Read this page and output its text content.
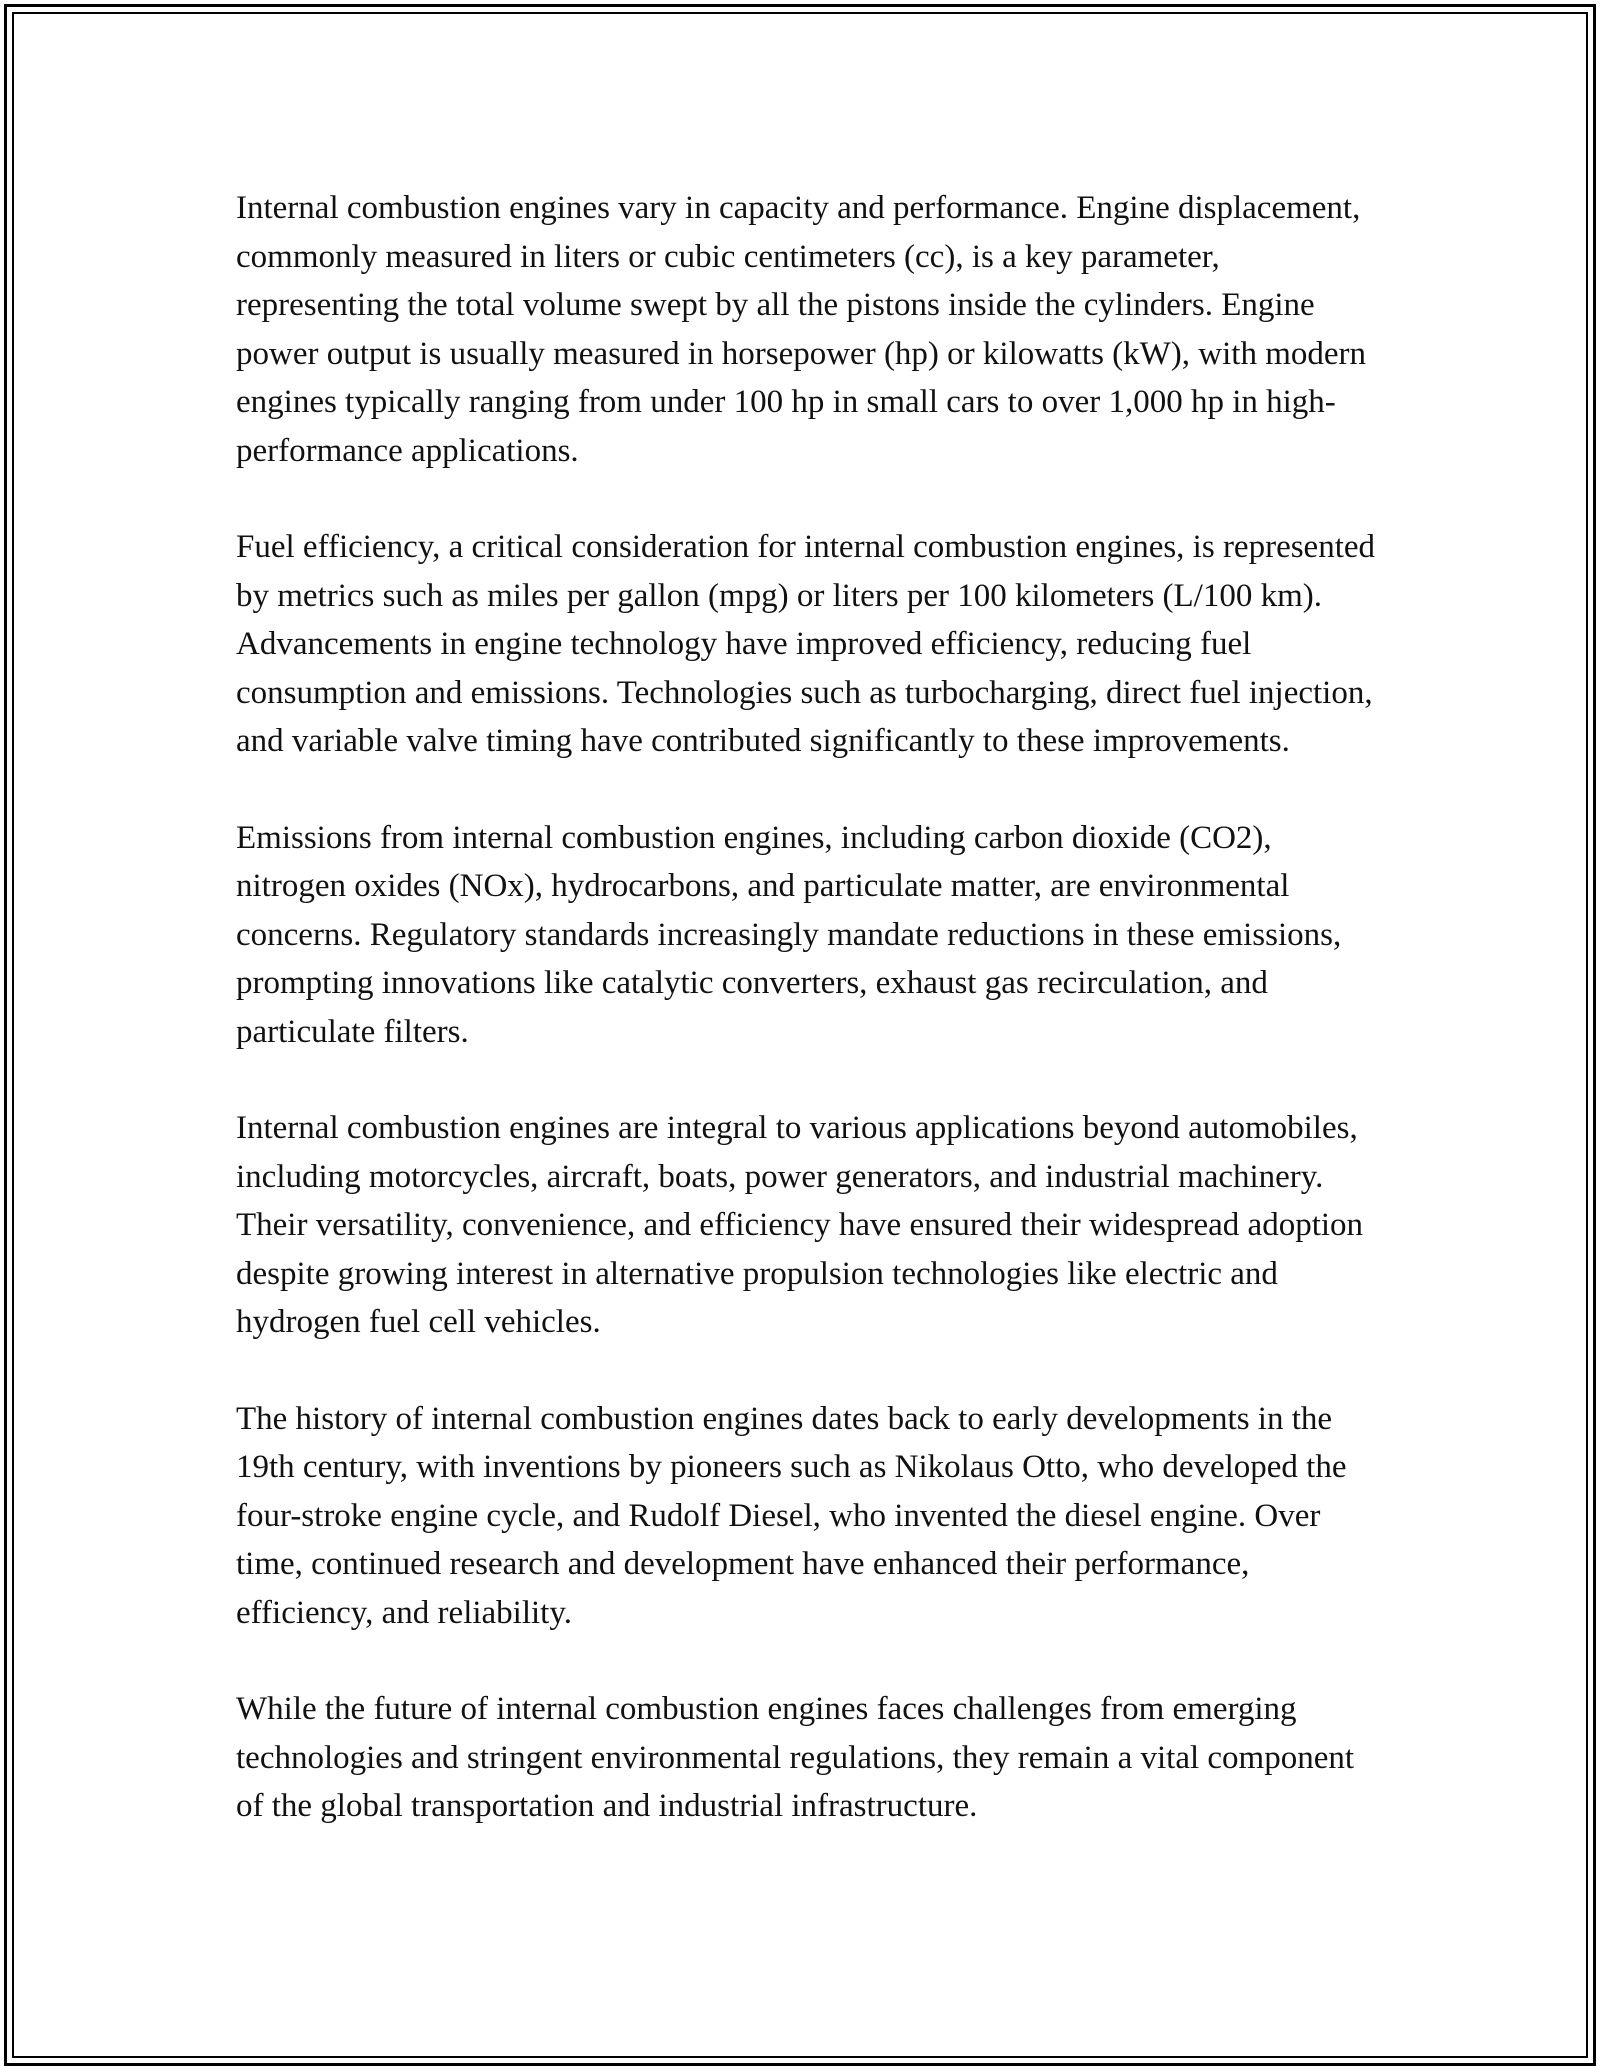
Internal combustion engines vary in capacity and performance. Engine displacement, commonly measured in liters or cubic centimeters (cc), is a key parameter, representing the total volume swept by all the pistons inside the cylinders. Engine power output is usually measured in horsepower (hp) or kilowatts (kW), with modern engines typically ranging from under 100 hp in small cars to over 1,000 hp in high-performance applications.

Fuel efficiency, a critical consideration for internal combustion engines, is represented by metrics such as miles per gallon (mpg) or liters per 100 kilometers (L/100 km). Advancements in engine technology have improved efficiency, reducing fuel consumption and emissions. Technologies such as turbocharging, direct fuel injection, and variable valve timing have contributed significantly to these improvements.

Emissions from internal combustion engines, including carbon dioxide (CO2), nitrogen oxides (NOx), hydrocarbons, and particulate matter, are environmental concerns. Regulatory standards increasingly mandate reductions in these emissions, prompting innovations like catalytic converters, exhaust gas recirculation, and particulate filters.

Internal combustion engines are integral to various applications beyond automobiles, including motorcycles, aircraft, boats, power generators, and industrial machinery. Their versatility, convenience, and efficiency have ensured their widespread adoption despite growing interest in alternative propulsion technologies like electric and hydrogen fuel cell vehicles.

The history of internal combustion engines dates back to early developments in the 19th century, with inventions by pioneers such as Nikolaus Otto, who developed the four-stroke engine cycle, and Rudolf Diesel, who invented the diesel engine. Over time, continued research and development have enhanced their performance, efficiency, and reliability.

While the future of internal combustion engines faces challenges from emerging technologies and stringent environmental regulations, they remain a vital component of the global transportation and industrial infrastructure.
